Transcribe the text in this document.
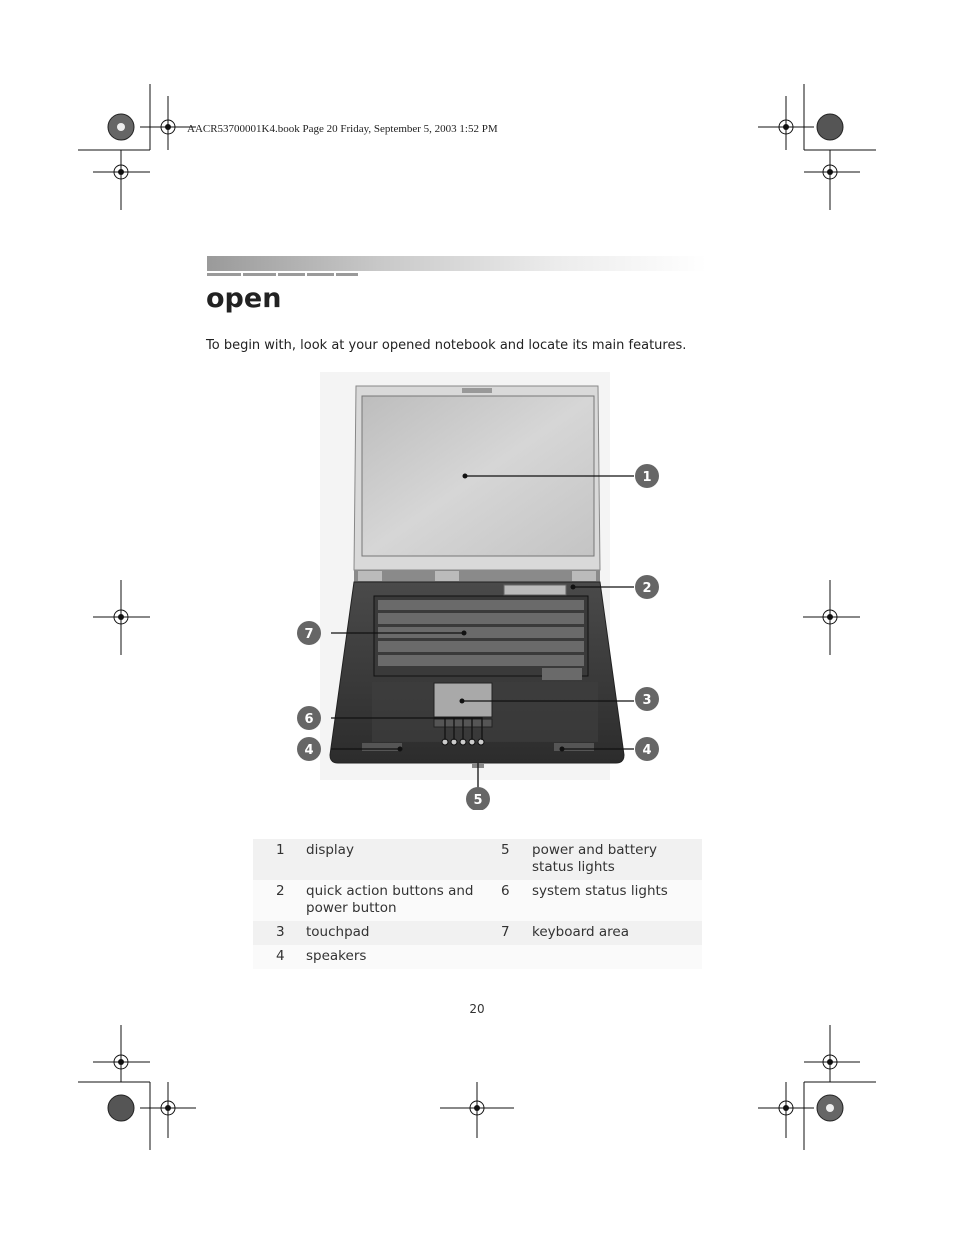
AACR53700001K4.book Page 20 Friday, September 5, 2003 1:52 PM
open
To begin with, look at your opened notebook and locate its main features.
1
2
3
4
5
6
4
7
1	display	5	power and battery status lights
2	quick action buttons and power button	6	system status lights
3	touchpad	7	keyboard area
4	speakers		
20
